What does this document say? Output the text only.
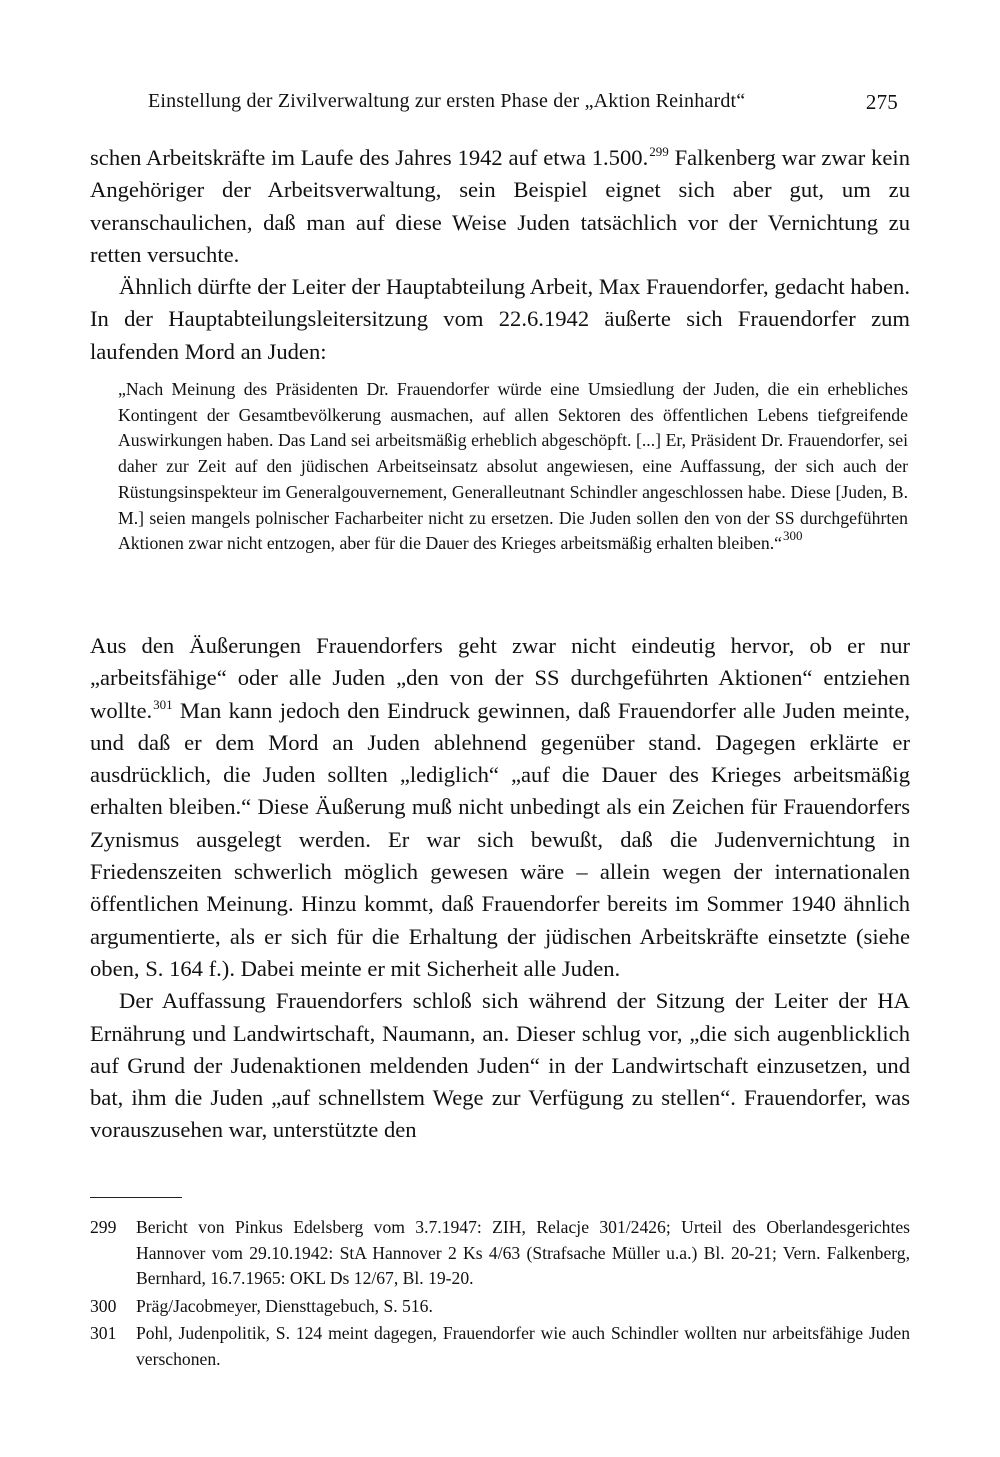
Einstellung der Zivilverwaltung zur ersten Phase der „Aktion Reinhardt“	275

schen Arbeitskräfte im Laufe des Jahres 1942 auf etwa 1.500.$^{299}$ Falkenberg war zwar kein Angehöriger der Arbeitsverwaltung, sein Beispiel eignet sich aber gut, um zu veranschaulichen, daß man auf diese Weise Juden tatsächlich vor der Vernichtung zu retten versuchte.

Ähnlich dürfte der Leiter der Hauptabteilung Arbeit, Max Frauendorfer, gedacht haben. In der Hauptabteilungsleitersitzung vom 22.6.1942 äußerte sich Frauendorfer zum laufenden Mord an Juden:

„Nach Meinung des Präsidenten Dr. Frauendorfer würde eine Umsiedlung der Juden, die ein erhebliches Kontingent der Gesamtbevölkerung ausmachen, auf allen Sektoren des öffentlichen Lebens tiefgreifende Auswirkungen haben. Das Land sei arbeitsmäßig erheblich abgeschöpft. [...] Er, Präsident Dr. Frauendorfer, sei daher zur Zeit auf den jüdischen Arbeitseinsatz absolut angewiesen, eine Auffassung, der sich auch der Rüstungsinspekteur im Generalgouvernement, Generalleutnant Schindler angeschlossen habe. Diese [Juden, B. M.] seien mangels polnischer Facharbeiter nicht zu ersetzen. Die Juden sollen den von der SS durchgeführten Aktionen zwar nicht entzogen, aber für die Dauer des Krieges arbeitsmäßig erhalten bleiben.“$^{300}$

Aus den Äußerungen Frauendorfers geht zwar nicht eindeutig hervor, ob er nur „arbeitsfähige“ oder alle Juden „den von der SS durchgeführten Aktionen“ entziehen wollte.$^{301}$ Man kann jedoch den Eindruck gewinnen, daß Frauendorfer alle Juden meinte, und daß er dem Mord an Juden ablehnend gegenüber stand. Dagegen erklärte er ausdrücklich, die Juden sollten „lediglich“ „auf die Dauer des Krieges arbeitsmäßig erhalten bleiben.“ Diese Äußerung muß nicht unbedingt als ein Zeichen für Frauendorfers Zynismus ausgelegt werden. Er war sich bewußt, daß die Judenvernichtung in Friedenszeiten schwerlich möglich gewesen wäre – allein wegen der internationalen öffentlichen Meinung. Hinzu kommt, daß Frauendorfer bereits im Sommer 1940 ähnlich argumentierte, als er sich für die Erhaltung der jüdischen Arbeitskräfte einsetzte (siehe oben, S. 164 f.). Dabei meinte er mit Sicherheit alle Juden.

Der Auffassung Frauendorfers schloß sich während der Sitzung der Leiter der HA Ernährung und Landwirtschaft, Naumann, an. Dieser schlug vor, „die sich augenblicklich auf Grund der Judenaktionen meldenden Juden“ in der Landwirtschaft einzusetzen, und bat, ihm die Juden „auf schnellstem Wege zur Verfügung zu stellen“. Frauendorfer, was vorauszusehen war, unterstützte den

299 Bericht von Pinkus Edelsberg vom 3.7.1947: ZIH, Relacje 301/2426; Urteil des Oberlandesgerichtes Hannover vom 29.10.1942: StA Hannover 2 Ks 4/63 (Strafsache Müller u.a.) Bl. 20-21; Vern. Falkenberg, Bernhard, 16.7.1965: OKL Ds 12/67, Bl. 19-20.

300 Präg/Jacobmeyer, Diensttagebuch, S. 516.

301 Pohl, Judenpolitik, S. 124 meint dagegen, Frauendorfer wie auch Schindler wollten nur arbeitsfähige Juden verschonen.
